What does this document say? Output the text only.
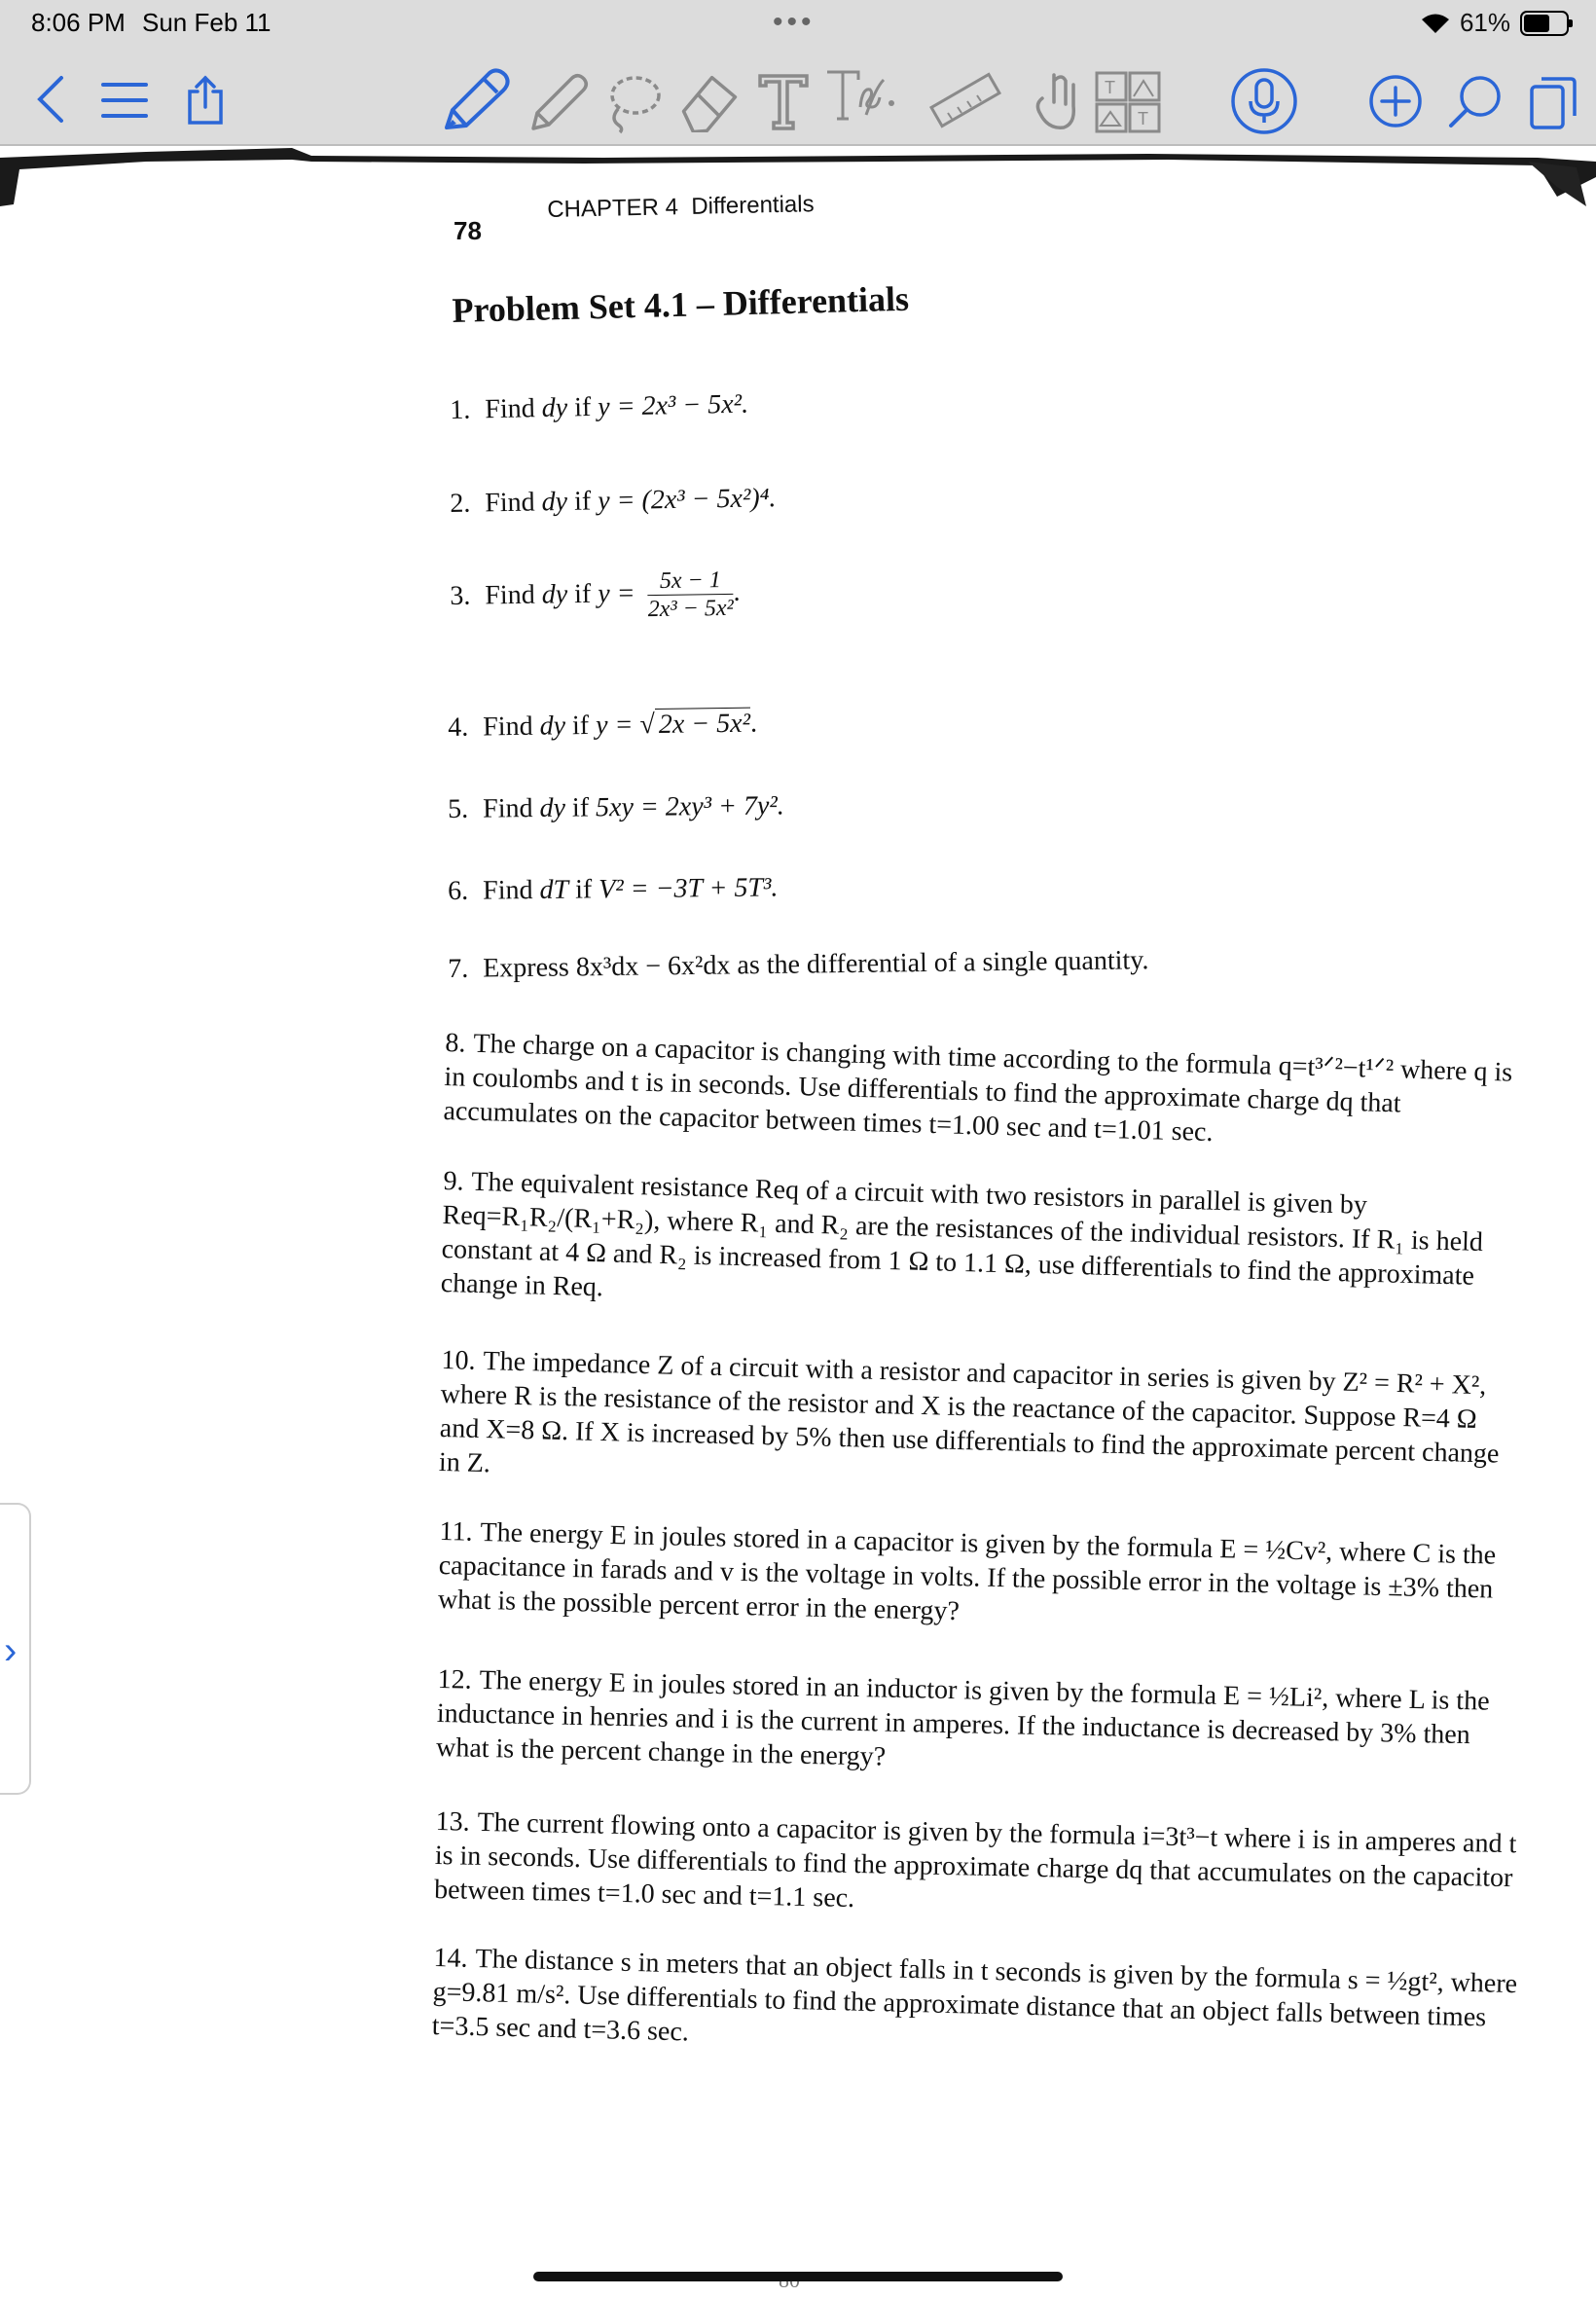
8:06 PM Sun Feb 11	•••	61%
T
T
78
CHAPTER 4 Differentials
Problem Set 4.1 – Differentials
1. Find dy if y = 2x³ − 5x².
2. Find dy if y = (2x³ − 5x²)⁴.
3. Find dy if $y = \frac{5x - 1}{\text{2x³ − 5x²}}$ .
4. Find dy if y = √ 2x − 5x².
5. Find dy if 5xy = 2xy³ + 7y².
6. Find dT if V² = −3T + 5T³.
7. Express 8x³dx − 6x²dx as the differential of a single quantity.
8. The charge on a capacitor is changing with time according to the formula q=t³ᐟ²−t¹ᐟ² where q is in coulombs and t is in seconds. Use differentials to find the approximate charge dq that accumulates on the capacitor between times t=1.00 sec and t=1.01 sec.
9. The equivalent resistance Req of a circuit with two resistors in parallel is given by Req=R₁R₂/(R₁+R₂), where R₁ and R₂ are the resistances of the individual resistors. If R₁ is held constant at 4 Ω and R₂ is increased from 1 Ω to 1.1 Ω, use differentials to find the approximate change in Req.
10. The impedance Z of a circuit with a resistor and capacitor in series is given by Z² = R² + X², where R is the resistance of the resistor and X is the reactance of the capacitor. Suppose R=4 Ω and X=8 Ω. If X is increased by 5% then use differentials to find the approximate percent change in Z.
11. The energy E in joules stored in a capacitor is given by the formula E = ½Cv², where C is the capacitance in farads and v is the voltage in volts. If the possible error in the voltage is ±3% then what is the possible percent error in the energy?
12. The energy E in joules stored in an inductor is given by the formula E = ½Li², where L is the inductance in henries and i is the current in amperes. If the inductance is decreased by 3% then what is the percent change in the energy?
13. The current flowing onto a capacitor is given by the formula i=3t³−t where i is in amperes and t is in seconds. Use differentials to find the approximate charge dq that accumulates on the capacitor between times t=1.0 sec and t=1.1 sec.
14. The distance s in meters that an object falls in t seconds is given by the formula s = ½gt², where g=9.81 m/s². Use differentials to find the approximate distance that an object falls between times t=3.5 sec and t=3.6 sec.
›
